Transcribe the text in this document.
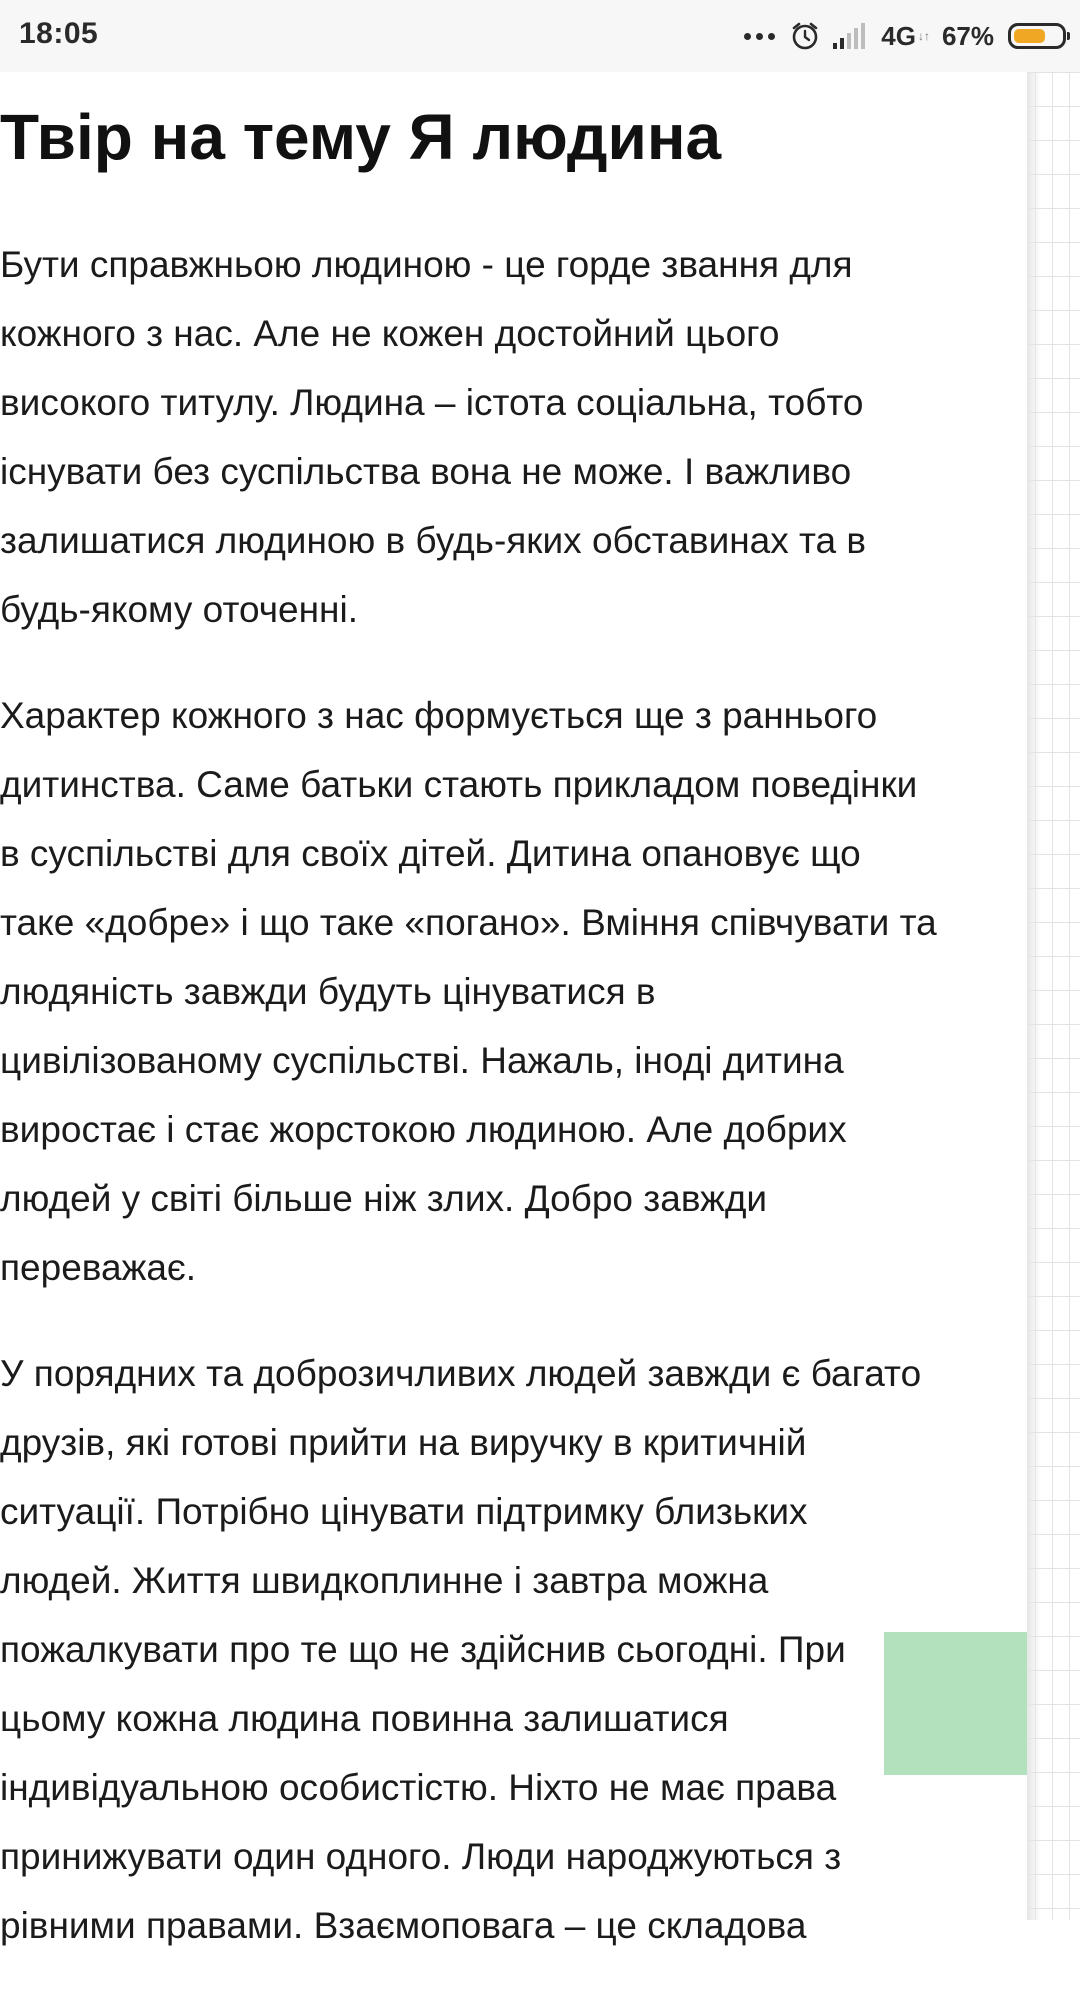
18:05	4G ↓↑ 67%
Твір на тему Я людина

Бути справжньою людиною - це горде звання для
кожного з нас. Але не кожен достойний цього
високого титулу. Людина – істота соціальна, тобто
існувати без суспільства вона не може. І важливо
залишатися людиною в будь-яких обставинах та в
будь-якому оточенні.

Характер кожного з нас формується ще з раннього
дитинства. Саме батьки стають прикладом поведінки
в суспільстві для своїх дітей. Дитина опановує що
таке «добре» і що таке «погано». Вміння співчувати та
людяність завжди будуть цінуватися в
цивілізованому суспільстві. Нажаль, іноді дитина
виростає і стає жорстокою людиною. Але добрих
людей у світі більше ніж злих. Добро завжди
переважає.

У порядних та доброзичливих людей завжди є багато
друзів, які готові прийти на виручку в критичній
ситуації. Потрібно цінувати підтримку близьких
людей. Життя швидкоплинне і завтра можна
пожалкувати про те що не здійснив сьогодні. При
цьому кожна людина повинна залишатися
індивідуальною особистістю. Ніхто не має права
принижувати один одного. Люди народжуються з
рівними правами. Взаємоповага – це складова
